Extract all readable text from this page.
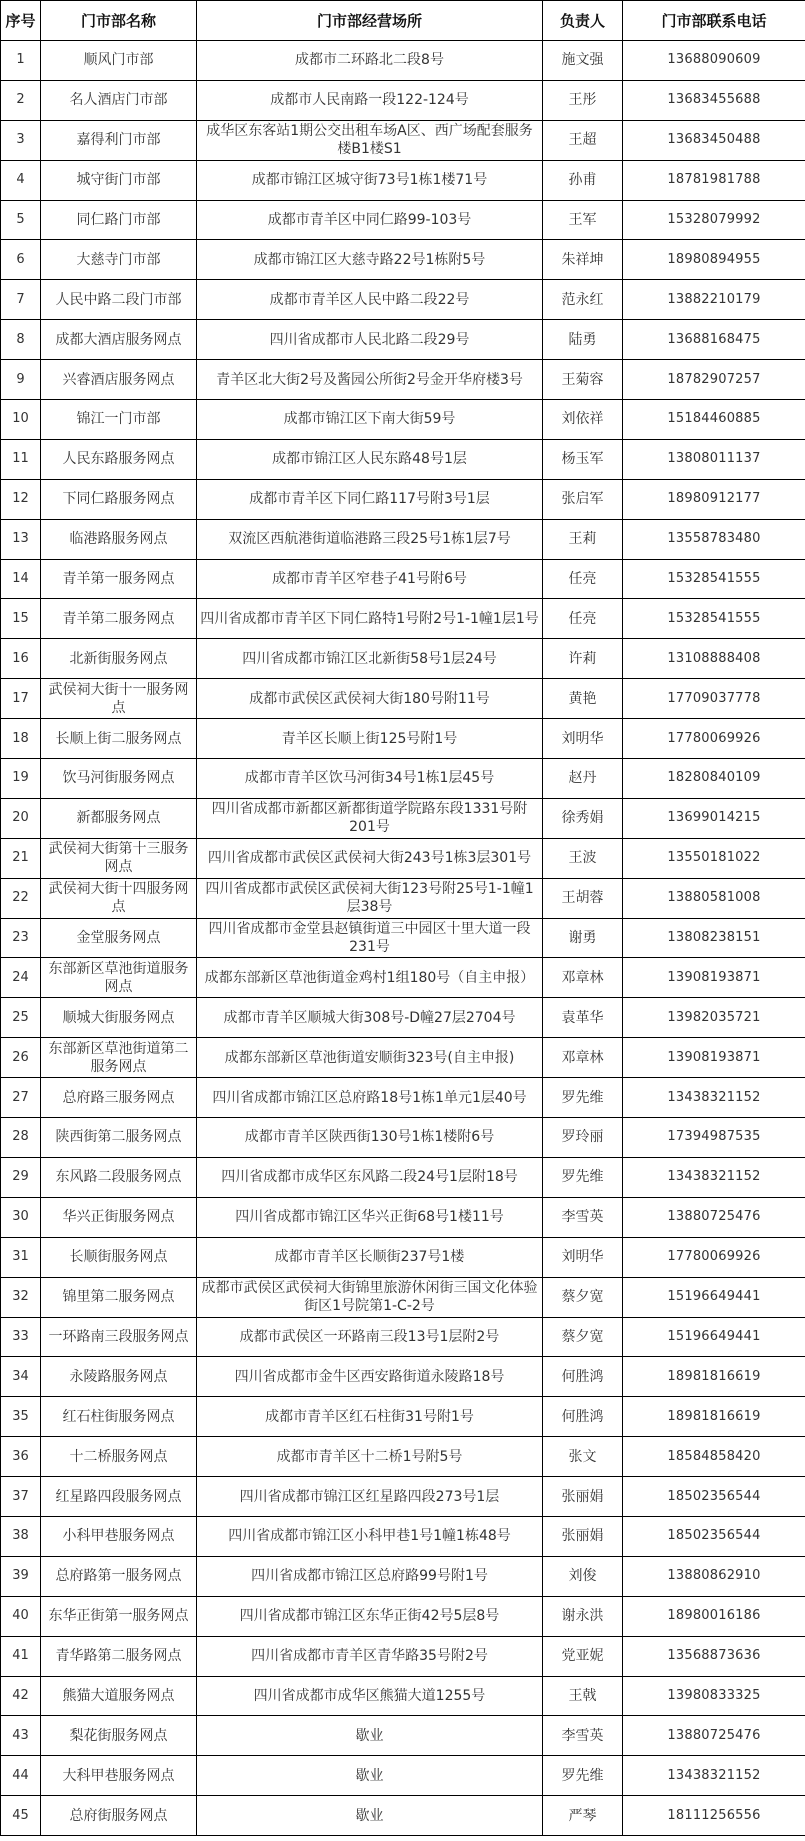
序号	门市部名称	门市部经营场所	负责人	门市部联系电话
1	顺风门市部	成都市二环路北二段8号	施文强	13688090609
2	名人酒店门市部	成都市人民南路一段122-124号	王彤	13683455688
3	嘉得利门市部	成华区东客站1期公交出租车场A区、西广场配套服务楼B1楼S1	王超	13683450488
4	城守街门市部	成都市锦江区城守街73号1栋1楼71号	孙甫	18781981788
5	同仁路门市部	成都市青羊区中同仁路99-103号	王军	15328079992
6	大慈寺门市部	成都市锦江区大慈寺路22号1栋附5号	朱祥坤	18980894955
7	人民中路二段门市部	成都市青羊区人民中路二段22号	范永红	13882210179
8	成都大酒店服务网点	四川省成都市人民北路二段29号	陆勇	13688168475
9	兴睿酒店服务网点	青羊区北大街2号及酱园公所街2号金开华府楼3号	王菊容	18782907257
10	锦江一门市部	成都市锦江区下南大街59号	刘依祥	15184460885
11	人民东路服务网点	成都市锦江区人民东路48号1层	杨玉军	13808011137
12	下同仁路服务网点	成都市青羊区下同仁路117号附3号1层	张启军	18980912177
13	临港路服务网点	双流区西航港街道临港路三段25号1栋1层7号	王莉	13558783480
14	青羊第一服务网点	成都市青羊区窄巷子41号附6号	任亮	15328541555
15	青羊第二服务网点	四川省成都市青羊区下同仁路特1号附2号1-1幢1层1号	任亮	15328541555
16	北新街服务网点	四川省成都市锦江区北新街58号1层24号	许莉	13108888408
17	武侯祠大街十一服务网点	成都市武侯区武侯祠大街180号附11号	黄艳	17709037778
18	长顺上街二服务网点	青羊区长顺上街125号附1号	刘明华	17780069926
19	饮马河街服务网点	成都市青羊区饮马河街34号1栋1层45号	赵丹	18280840109
20	新都服务网点	四川省成都市新都区新都街道学院路东段1331号附201号	徐秀娟	13699014215
21	武侯祠大街第十三服务网点	四川省成都市武侯区武侯祠大街243号1栋3层301号	王波	13550181022
22	武侯祠大街十四服务网点	四川省成都市武侯区武侯祠大街123号附25号1-1幢1层38号	王胡蓉	13880581008
23	金堂服务网点	四川省成都市金堂县赵镇街道三中园区十里大道一段231号	谢勇	13808238151
24	东部新区草池街道服务网点	成都东部新区草池街道金鸡村1组180号（自主申报）	邓章林	13908193871
25	顺城大街服务网点	成都市青羊区顺城大街308号-D幢27层2704号	袁革华	13982035721
26	东部新区草池街道第二服务网点	成都东部新区草池街道安顺街323号(自主申报)	邓章林	13908193871
27	总府路三服务网点	四川省成都市锦江区总府路18号1栋1单元1层40号	罗先维	13438321152
28	陕西街第二服务网点	成都市青羊区陕西街130号1栋1楼附6号	罗玲丽	17394987535
29	东风路二段服务网点	四川省成都市成华区东风路二段24号1层附18号	罗先维	13438321152
30	华兴正街服务网点	四川省成都市锦江区华兴正街68号1楼11号	李雪英	13880725476
31	长顺街服务网点	成都市青羊区长顺街237号1楼	刘明华	17780069926
32	锦里第二服务网点	成都市武侯区武侯祠大街锦里旅游休闲街三国文化体验街区1号院第1-C-2号	蔡夕宽	15196649441
33	一环路南三段服务网点	成都市武侯区一环路南三段13号1层附2号	蔡夕宽	15196649441
34	永陵路服务网点	四川省成都市金牛区西安路街道永陵路18号	何胜鸿	18981816619
35	红石柱街服务网点	成都市青羊区红石柱街31号附1号	何胜鸿	18981816619
36	十二桥服务网点	成都市青羊区十二桥1号附5号	张文	18584858420
37	红星路四段服务网点	四川省成都市锦江区红星路四段273号1层	张丽娟	18502356544
38	小科甲巷服务网点	四川省成都市锦江区小科甲巷1号1幢1栋48号	张丽娟	18502356544
39	总府路第一服务网点	四川省成都市锦江区总府路99号附1号	刘俊	13880862910
40	东华正街第一服务网点	四川省成都市锦江区东华正街42号5层8号	谢永洪	18980016186
41	青华路第二服务网点	四川省成都市青羊区青华路35号附2号	党亚妮	13568873636
42	熊猫大道服务网点	四川省成都市成华区熊猫大道1255号	王戟	13980833325
43	梨花街服务网点	歇业	李雪英	13880725476
44	大科甲巷服务网点	歇业	罗先维	13438321152
45	总府街服务网点	歇业	严琴	18111256556
